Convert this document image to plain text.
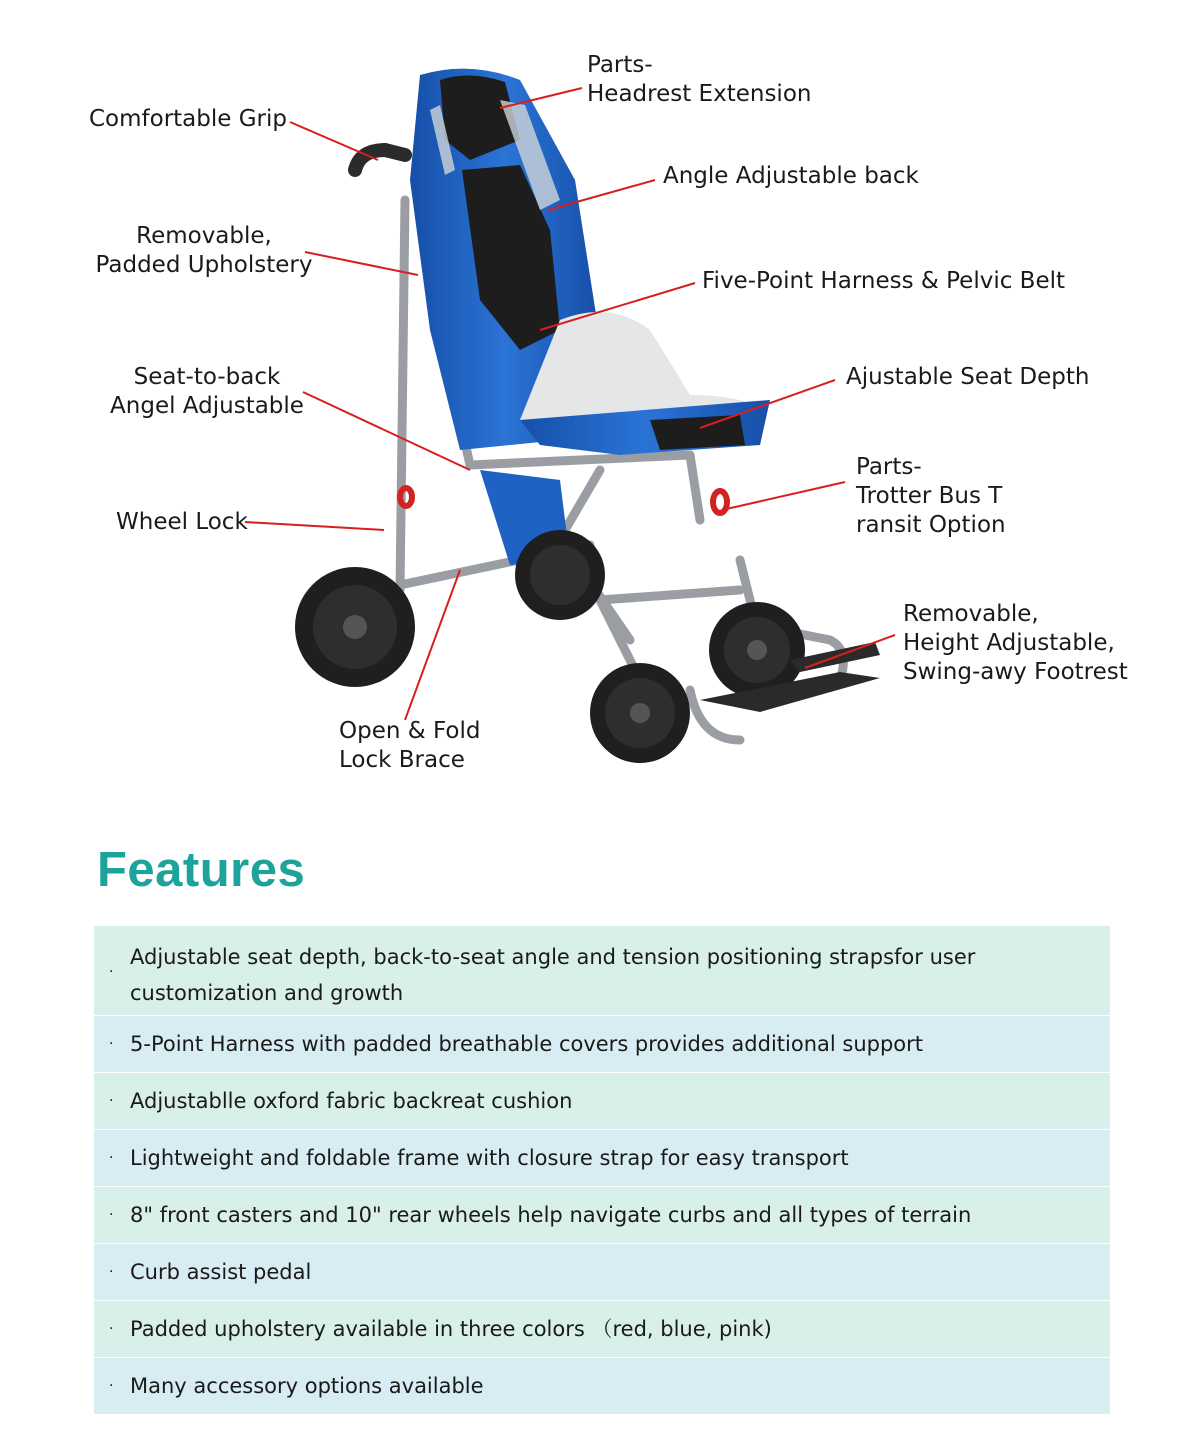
Parts-
Headrest Extension
Comfortable Grip
Angle Adjustable back
Removable,
Padded Upholstery
Five-Point Harness & Pelvic Belt
Seat-to-back
Angel Adjustable
Ajustable Seat Depth
Parts-
Trotter Bus T
ransit Option
Wheel Lock
Removable,
Height Adjustable,
Swing-awy Footrest
Open & Fold
Lock Brace
Features
·
Adjustable seat depth, back-to-seat angle and tension positioning strapsfor user customization and growth
· 5-Point Harness with padded breathable covers provides additional support
· Adjustablle oxford fabric backreat cushion
· Lightweight and foldable frame with closure strap for easy transport
· 8" front casters and 10" rear wheels help navigate curbs and all types of terrain
· Curb assist pedal
· Padded upholstery available in three colors （red, blue, pink)
· Many accessory options available
